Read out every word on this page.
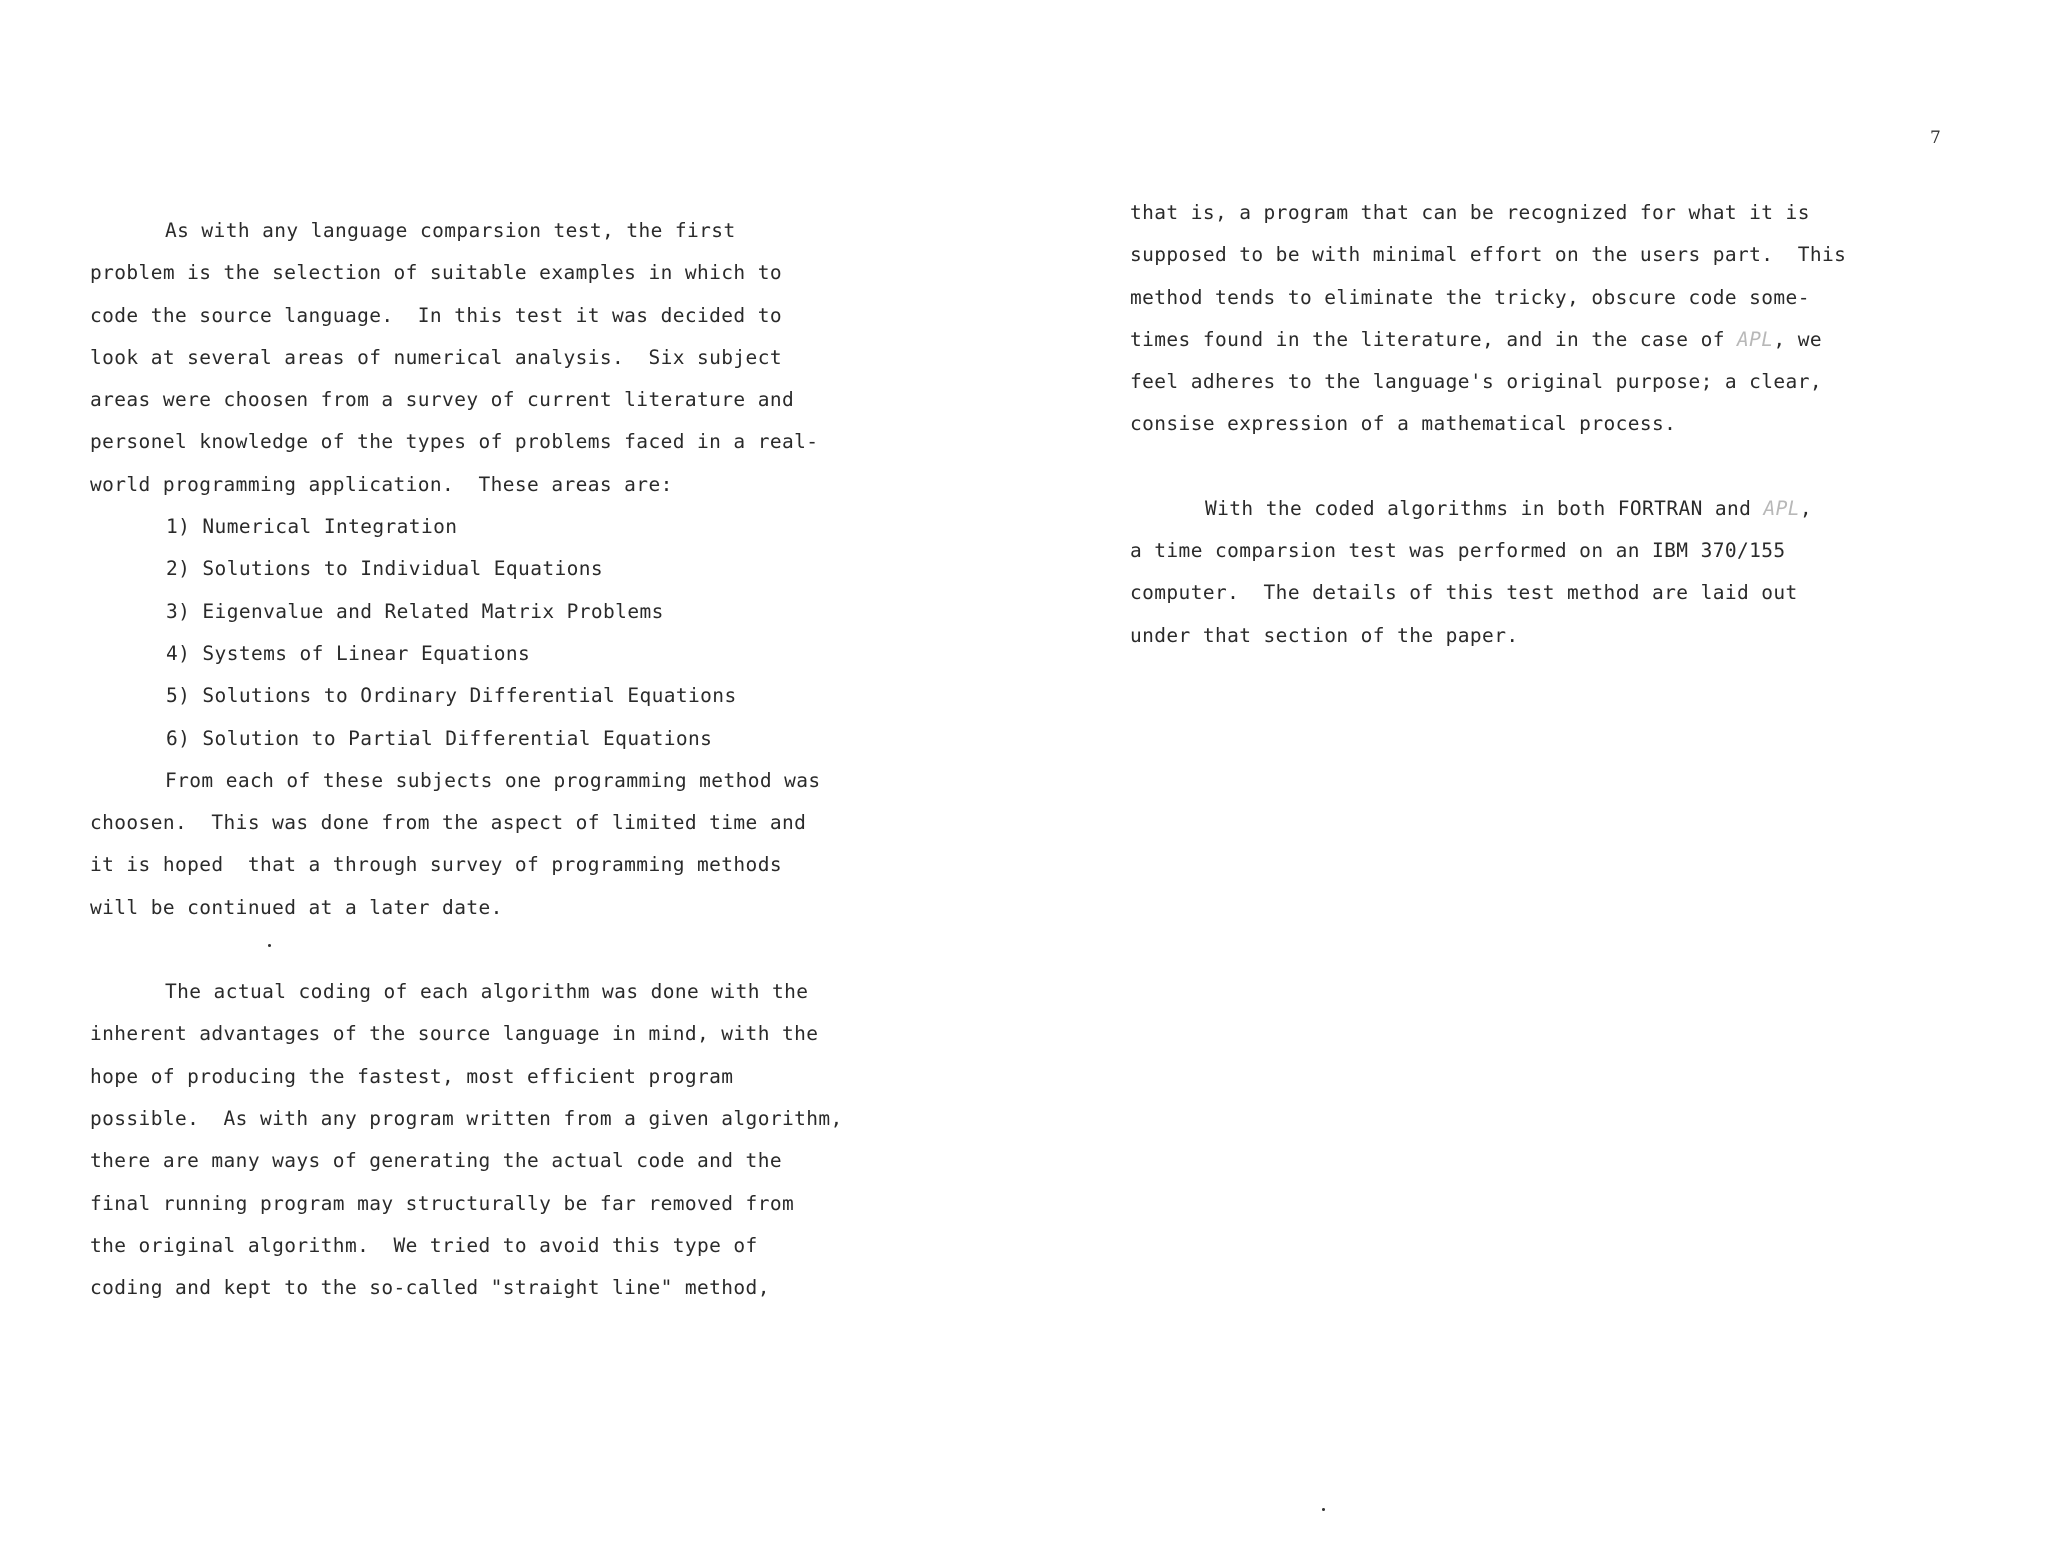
7
As with any language comparsion test, the first
problem is the selection of suitable examples in which to
code the source language.  In this test it was decided to
look at several areas of numerical analysis.  Six subject
areas were choosen from a survey of current literature and
personel knowledge of the types of problems faced in a real-
world programming application.  These areas are:
1) Numerical Integration
2) Solutions to Individual Equations
3) Eigenvalue and Related Matrix Problems
4) Systems of Linear Equations
5) Solutions to Ordinary Differential Equations
6) Solution to Partial Differential Equations
From each of these subjects one programming method was
choosen.  This was done from the aspect of limited time and
it is hoped  that a through survey of programming methods
will be continued at a later date.
The actual coding of each algorithm was done with the
inherent advantages of the source language in mind, with the
hope of producing the fastest, most efficient program
possible.  As with any program written from a given algorithm,
there are many ways of generating the actual code and the
final running program may structurally be far removed from
the original algorithm.  We tried to avoid this type of
coding and kept to the so-called "straight line" method,
that is, a program that can be recognized for what it is
supposed to be with minimal effort on the users part.  This
method tends to eliminate the tricky, obscure code some-
times found in the literature, and in the case of APL, we
feel adheres to the language's original purpose; a clear,
consise expression of a mathematical process.
With the coded algorithms in both FORTRAN and APL,
a time comparsion test was performed on an IBM 370/155
computer.  The details of this test method are laid out
under that section of the paper.
